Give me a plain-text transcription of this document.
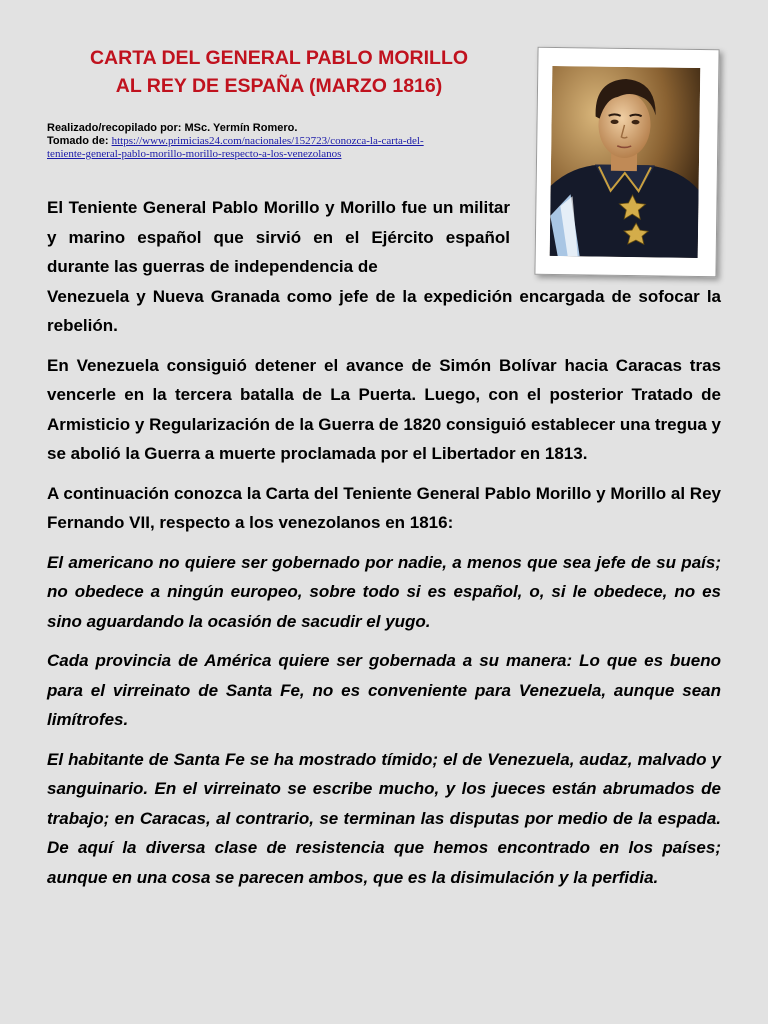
CARTA DEL GENERAL PABLO MORILLO
AL REY DE ESPAÑA (MARZO 1816)
Realizado/recopilado por: MSc. Yermín Romero.
Tomado de: https://www.primicias24.com/nacionales/152723/conozca-la-carta-del-
teniente-general-pablo-morillo-morillo-respecto-a-los-venezolanos

El Teniente General Pablo Morillo y Morillo fue un militar y marino español que sirvió en el Ejército español durante las guerras de independencia de

Venezuela y Nueva Granada como jefe de la expedición encargada de sofocar la rebelión.

En Venezuela consiguió detener el avance de Simón Bolívar hacia Caracas tras vencerle en la tercera batalla de La Puerta. Luego, con el posterior Tratado de Armisticio y Regularización de la Guerra de 1820 consiguió establecer una tregua y se abolió la Guerra a muerte proclamada por el Libertador en 1813.

A continuación conozca la Carta del Teniente General Pablo Morillo y Morillo al Rey Fernando VII, respecto a los venezolanos en 1816:

El americano no quiere ser gobernado por nadie, a menos que sea jefe de su país; no obedece a ningún europeo, sobre todo si es español, o, si le obedece, no es sino aguardando la ocasión de sacudir el yugo.

Cada provincia de América quiere ser gobernada a su manera: Lo que es bueno para el virreinato de Santa Fe, no es conveniente para Venezuela, aunque sean limítrofes.

El habitante de Santa Fe se ha mostrado tímido; el de Venezuela, audaz, malvado y sanguinario. En el virreinato se escribe mucho, y los jueces están abrumados de trabajo; en Caracas, al contrario, se terminan las disputas por medio de la espada. De aquí la diversa clase de resistencia que hemos encontrado en los países; aunque en una cosa se parecen ambos, que es la disimulación y la perfidia.
